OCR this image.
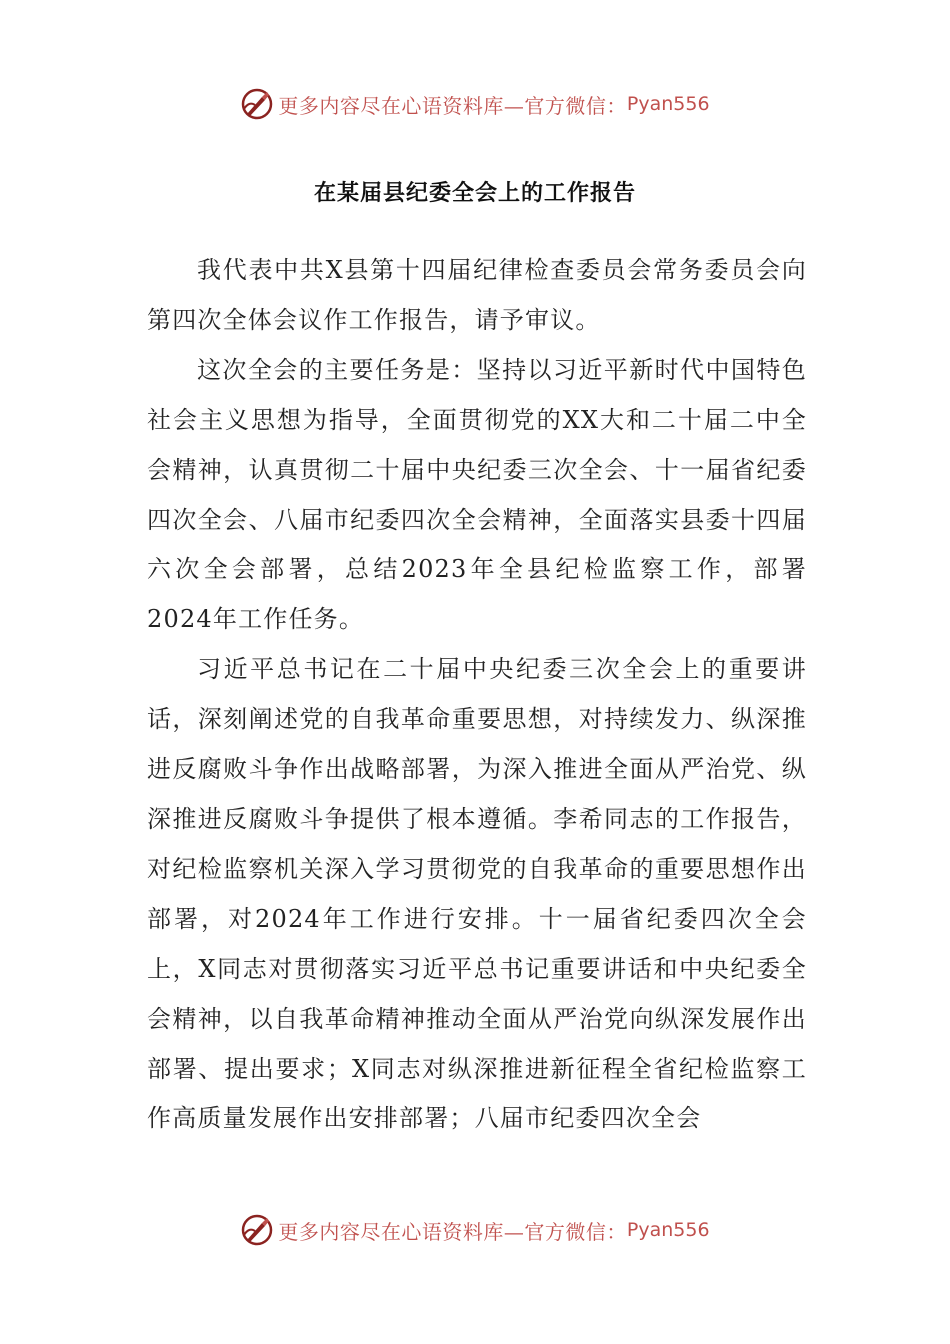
更多内容尽在心语资料库—官方微信： Pyan556
在某届县纪委全会上的工作报告

我代表中共X县第十四届纪律检查委员会常务委员会向第四次全体会议作工作报告，请予审议。

这次全会的主要任务是：坚持以习近平新时代中国特色社会主义思想为指导，全面贯彻党的XX大和二十届二中全会精神，认真贯彻二十届中央纪委三次全会、十一届省纪委四次全会、八届市纪委四次全会精神，全面落实县委十四届六次全会部署，总结2023年全县纪检监察工作，部署2024年工作任务。

习近平总书记在二十届中央纪委三次全会上的重要讲话，深刻阐述党的自我革命重要思想，对持续发力、纵深推进反腐败斗争作出战略部署，为深入推进全面从严治党、纵深推进反腐败斗争提供了根本遵循。李希同志的工作报告，对纪检监察机关深入学习贯彻党的自我革命的重要思想作出部署，对2024年工作进行安排。十一届省纪委四次全会上，X同志对贯彻落实习近平总书记重要讲话和中央纪委全会精神，以自我革命精神推动全面从严治党向纵深发展作出部署、提出要求；X同志对纵深推进新征程全省纪检监察工作高质量发展作出安排部署；八届市纪委四次全会

更多内容尽在心语资料库—官方微信： Pyan556
